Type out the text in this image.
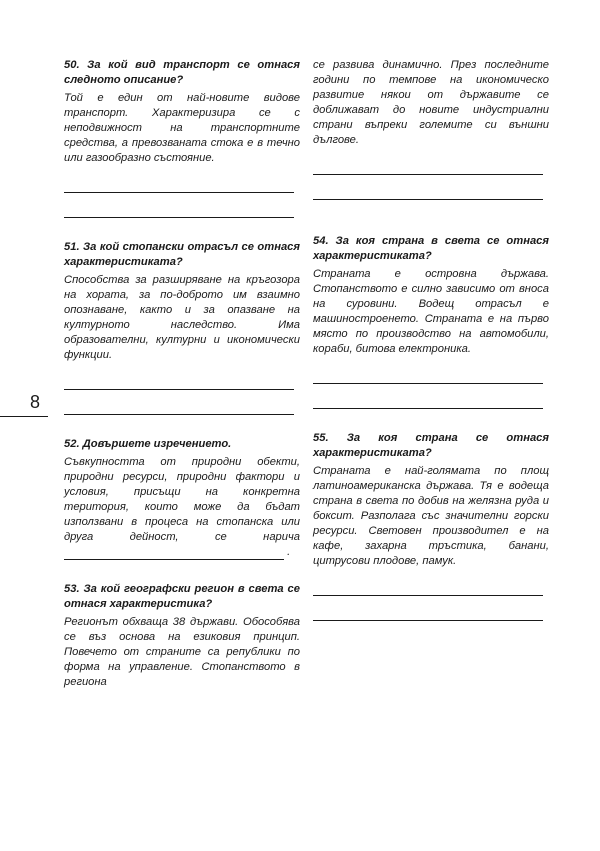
8

50. За кой вид транспорт се отнася следното описание?

Той е един от най-новите видове транспорт. Характеризира се с неподвижност на транспортните средства, а превозваната стока е в течно или газообразно състояние.

51. За кой стопански отрасъл се отнася характеристиката?

Способства за разширяване на кръгозора на хората, за по-доброто им взаимно опознаване, както и за опазване на културното наследство. Има образователни, културни и икономически функции.

52. Довършете изречението.

Съвкупността от природни обекти, природни ресурси, природни фактори и условия, присъщи на конкретна територия, които може да бъдат използвани в процеса на стопанска или друга дейност, се нарича  .

53. За кой географски регион в света се отнася характеристика?

Регионът обхваща 38 държави. Обособява се въз основа на езиковия принцип. Повечето от страните са републики по форма на управление. Стопанството в региона

се развива динамично. През последните години по темпове на икономическо развитие някои от държавите се доближават до новите индустриални страни въпреки големите си външни дългове.

54. За коя страна в света се отнася характеристиката?

Страната е островна държава. Стопанството е силно зависимо от вноса на суровини. Водещ отрасъл е машиностроенето. Страната е на първо място по производство на автомобили, кораби, битова електроника.

55. За коя страна се отнася характеристиката?

Страната е най-голямата по площ латиноамериканска държава. Тя е водеща страна в света по добив на желязна руда и боксит. Разполага със значителни горски ресурси. Световен производител е на кафе, захарна тръстика, банани, цитрусови плодове, памук.
